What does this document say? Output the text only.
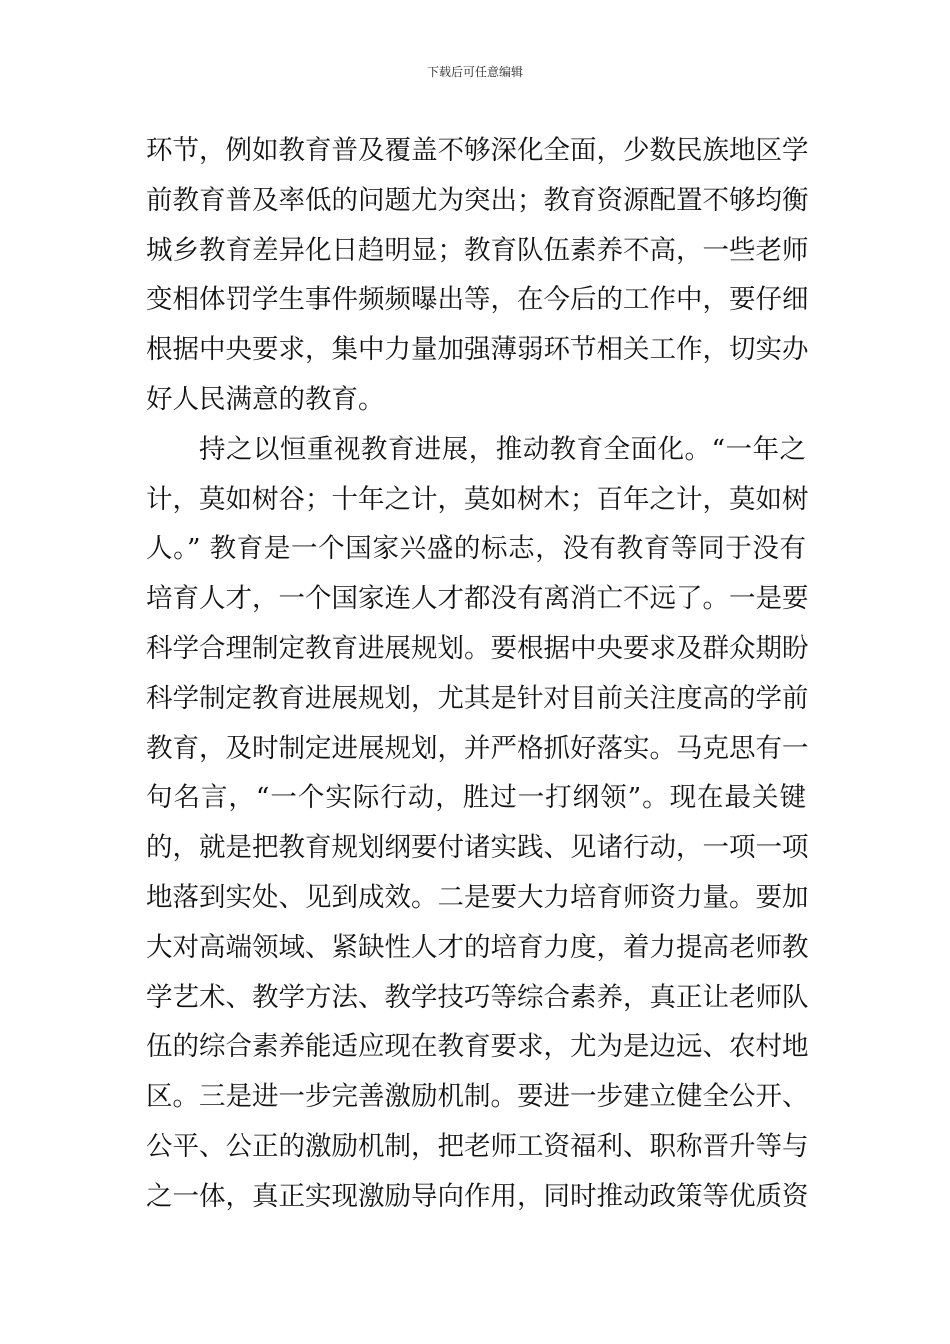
下载后可任意编辑
环节，例如教育普及覆盖不够深化全面，少数民族地区学
前教育普及率低的问题尤为突出；教育资源配置不够均衡
城乡教育差异化日趋明显；教育队伍素养不高，一些老师
变相体罚学生事件频频曝出等，在今后的工作中，要仔细
根据中央要求，集中力量加强薄弱环节相关工作，切实办
好人民满意的教育。
持之以恒重视教育进展，推动教育全面化。“一年之
计，莫如树谷；十年之计，莫如树木；百年之计，莫如树
人。” 教育是一个国家兴盛的标志，没有教育等同于没有
培育人才，一个国家连人才都没有离消亡不远了。一是要
科学合理制定教育进展规划。要根据中央要求及群众期盼
科学制定教育进展规划，尤其是针对目前关注度高的学前
教育，及时制定进展规划，并严格抓好落实。马克思有一
句名言，“一个实际行动，胜过一打纲领”。现在最关键
的，就是把教育规划纲要付诸实践、见诸行动，一项一项
地落到实处、见到成效。二是要大力培育师资力量。要加
大对高端领域、紧缺性人才的培育力度，着力提高老师教
学艺术、教学方法、教学技巧等综合素养，真正让老师队
伍的综合素养能适应现在教育要求，尤为是边远、农村地
区。三是进一步完善激励机制。要进一步建立健全公开、
公平、公正的激励机制，把老师工资福利、职称晋升等与
之一体，真正实现激励导向作用，同时推动政策等优质资
